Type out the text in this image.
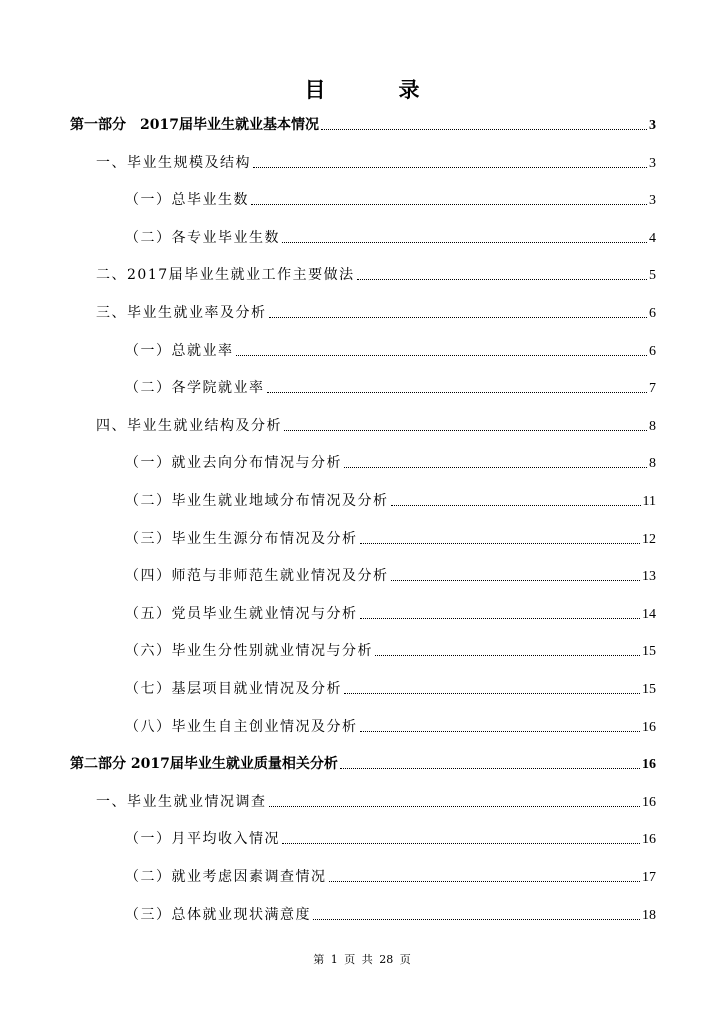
目　录
第一部分　2017届毕业生就业基本情况	3
一、毕业生规模及结构	3
（一）总毕业生数	3
（二）各专业毕业生数	4
二、2017届毕业生就业工作主要做法	5
三、毕业生就业率及分析	6
（一）总就业率	6
（二）各学院就业率	7
四、毕业生就业结构及分析	8
（一）就业去向分布情况与分析	8
（二）毕业生就业地域分布情况及分析	11
（三）毕业生生源分布情况及分析	12
（四）师范与非师范生就业情况及分析	13
（五）党员毕业生就业情况与分析	14
（六）毕业生分性别就业情况与分析	15
（七）基层项目就业情况及分析	15
（八）毕业生自主创业情况及分析	16
第二部分 2017届毕业生就业质量相关分析	16
一、毕业生就业情况调查	16
（一）月平均收入情况	16
（二）就业考虑因素调查情况	17
（三）总体就业现状满意度	18
第 1 页 共 28 页
